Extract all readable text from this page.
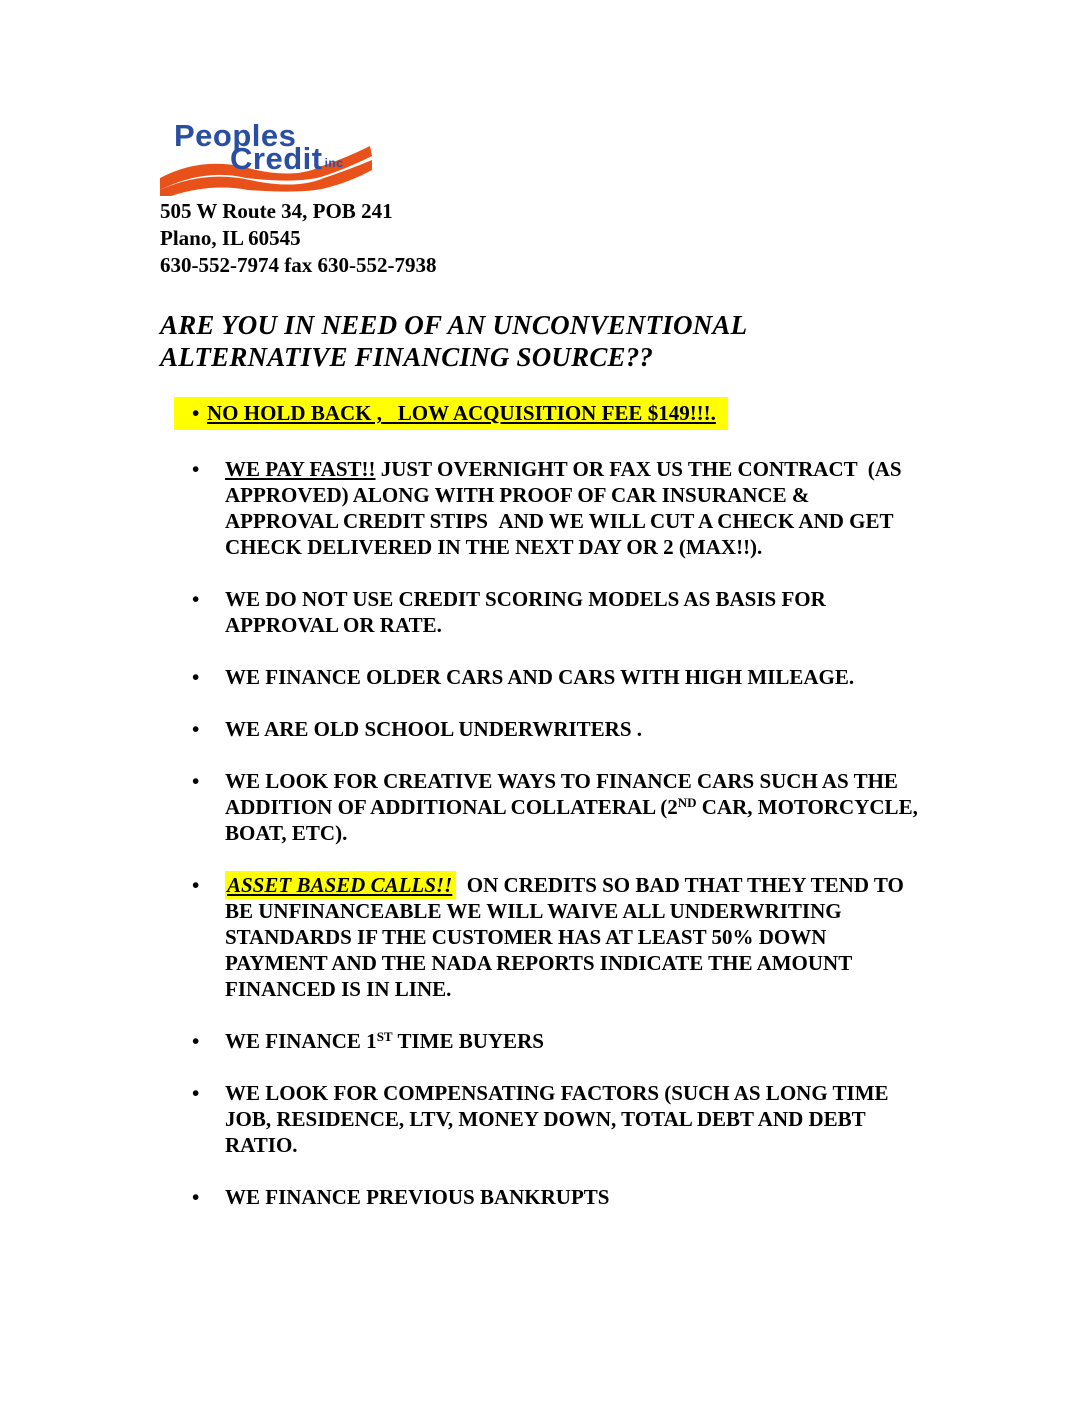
Peoples
Credit inc
505 W Route 34, POB 241
Plano, IL 60545
630-552-7974 fax 630-552-7938
ARE YOU IN NEED OF AN UNCONVENTIONAL ALTERNATIVE FINANCING SOURCE??
• NO HOLD BACK ,   LOW ACQUISITION FEE $149!!!.
• WE PAY FAST!! JUST OVERNIGHT OR FAX US THE CONTRACT  (AS APPROVED) ALONG WITH PROOF OF CAR INSURANCE & APPROVAL CREDIT STIPS  AND WE WILL CUT A CHECK AND GET CHECK DELIVERED IN THE NEXT DAY OR 2 (MAX!!).
• WE DO NOT USE CREDIT SCORING MODELS AS BASIS FOR APPROVAL OR RATE.
• WE FINANCE OLDER CARS AND CARS WITH HIGH MILEAGE.
• WE ARE OLD SCHOOL UNDERWRITERS .
• WE LOOK FOR CREATIVE WAYS TO FINANCE CARS SUCH AS THE ADDITION OF ADDITIONAL COLLATERAL (2ND CAR, MOTORCYCLE, BOAT, ETC).
• ASSET BASED CALLS!!  ON CREDITS SO BAD THAT THEY TEND TO BE UNFINANCEABLE WE WILL WAIVE ALL UNDERWRITING STANDARDS IF THE CUSTOMER HAS AT LEAST 50% DOWN PAYMENT AND THE NADA REPORTS INDICATE THE AMOUNT FINANCED IS IN LINE.
• WE FINANCE 1ST TIME BUYERS
• WE LOOK FOR COMPENSATING FACTORS (SUCH AS LONG TIME JOB, RESIDENCE, LTV, MONEY DOWN, TOTAL DEBT AND DEBT RATIO.
• WE FINANCE PREVIOUS BANKRUPTS
